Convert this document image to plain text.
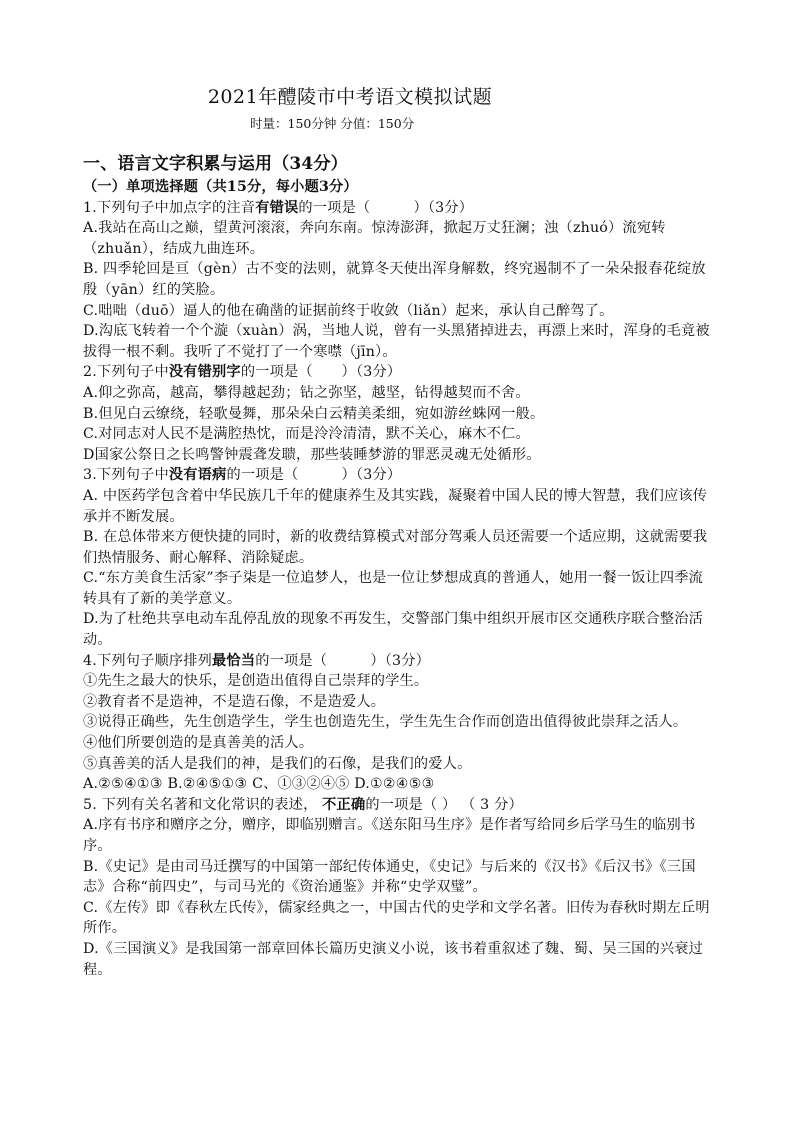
2021年醴陵市中考语文模拟试题
时量：150分钟 分值：150分
一、语言文字积累与运用（34分）
（一）单项选择题（共15分，每小题3分）
1.下列句子中加点字的注音有错误的一项是（　　　）（3分）
A.我站在高山之巅，望黄河滚滚，奔向东南。惊涛澎湃，掀起万丈狂澜；浊（zhuó）流宛转（zhuǎn），结成九曲连环。
B. 四季轮回是亘（gèn）古不变的法则，就算冬天使出浑身解数，终究遏制不了一朵朵报春花绽放殷（yān）红的笑脸。
C.咄咄（duō）逼人的他在确凿的证据前终于收敛（liǎn）起来，承认自己醉驾了。
D.沟底飞转着一个个漩（xuàn）涡，当地人说，曾有一头黑猪掉进去，再漂上来时，浑身的毛竟被拔得一根不剩。我听了不觉打了一个寒噤（jīn）。
2.下列句子中没有错别字的一项是（　　）（3分）
A.仰之弥高，越高，攀得越起劲；钻之弥坚，越坚，钻得越契而不舍。
B.但见白云缭绕，轻歌曼舞，那朵朵白云精美柔细，宛如游丝蛛网一般。
C.对同志对人民不是满腔热忱，而是泠泠清清，默不关心，麻木不仁。
D国家公祭日之长鸣警钟震聋发聩，那些装睡梦游的罪恶灵魂无处循形。
3.下列句子中没有语病的一项是（　　　）（3分）
A. 中医药学包含着中华民族几千年的健康养生及其实践，凝聚着中国人民的博大智慧，我们应该传承并不断发展。
B. 在总体带来方便快捷的同时，新的收费结算模式对部分驾乘人员还需要一个适应期，这就需要我们热情服务、耐心解释、消除疑虑。
C.“东方美食生活家”李子柒是一位追梦人，也是一位让梦想成真的普通人，她用一餐一饭让四季流转具有了新的美学意义。
D.为了杜绝共享电动车乱停乱放的现象不再发生，交警部门集中组织开展市区交通秩序联合整治活动。
4.下列句子顺序排列最恰当的一项是（　　　）（3分）
①先生之最大的快乐，是创造出值得自己崇拜的学生。
②教育者不是造神，不是造石像，不是造爱人。
③说得正确些，先生创造学生，学生也创造先生，学生先生合作而创造出值得彼此崇拜之活人。
④他们所要创造的是真善美的活人。
⑤真善美的活人是我们的神，是我们的石像，是我们的爱人。
A.②⑤④①③ B.②④⑤①③ C、①③②④⑤ D.①②④⑤③
5. 下列有关名著和文化常识的表述， 不正确的一项是（ ） （ 3 分）
A.序有书序和赠序之分，赠序，即临别赠言。《送东阳马生序》是作者写给同乡后学马生的临别书序。
B.《史记》是由司马迁撰写的中国第一部纪传体通史，《史记》与后来的《汉书》《后汉书》《三国志》合称“前四史”，与司马光的《资治通鉴》并称“史学双璧”。
C.《左传》即《春秋左氏传》，儒家经典之一，中国古代的史学和文学名著。旧传为春秋时期左丘明所作。
D.《三国演义》是我国第一部章回体长篇历史演义小说，该书着重叙述了魏、蜀、吴三国的兴衰过程。
